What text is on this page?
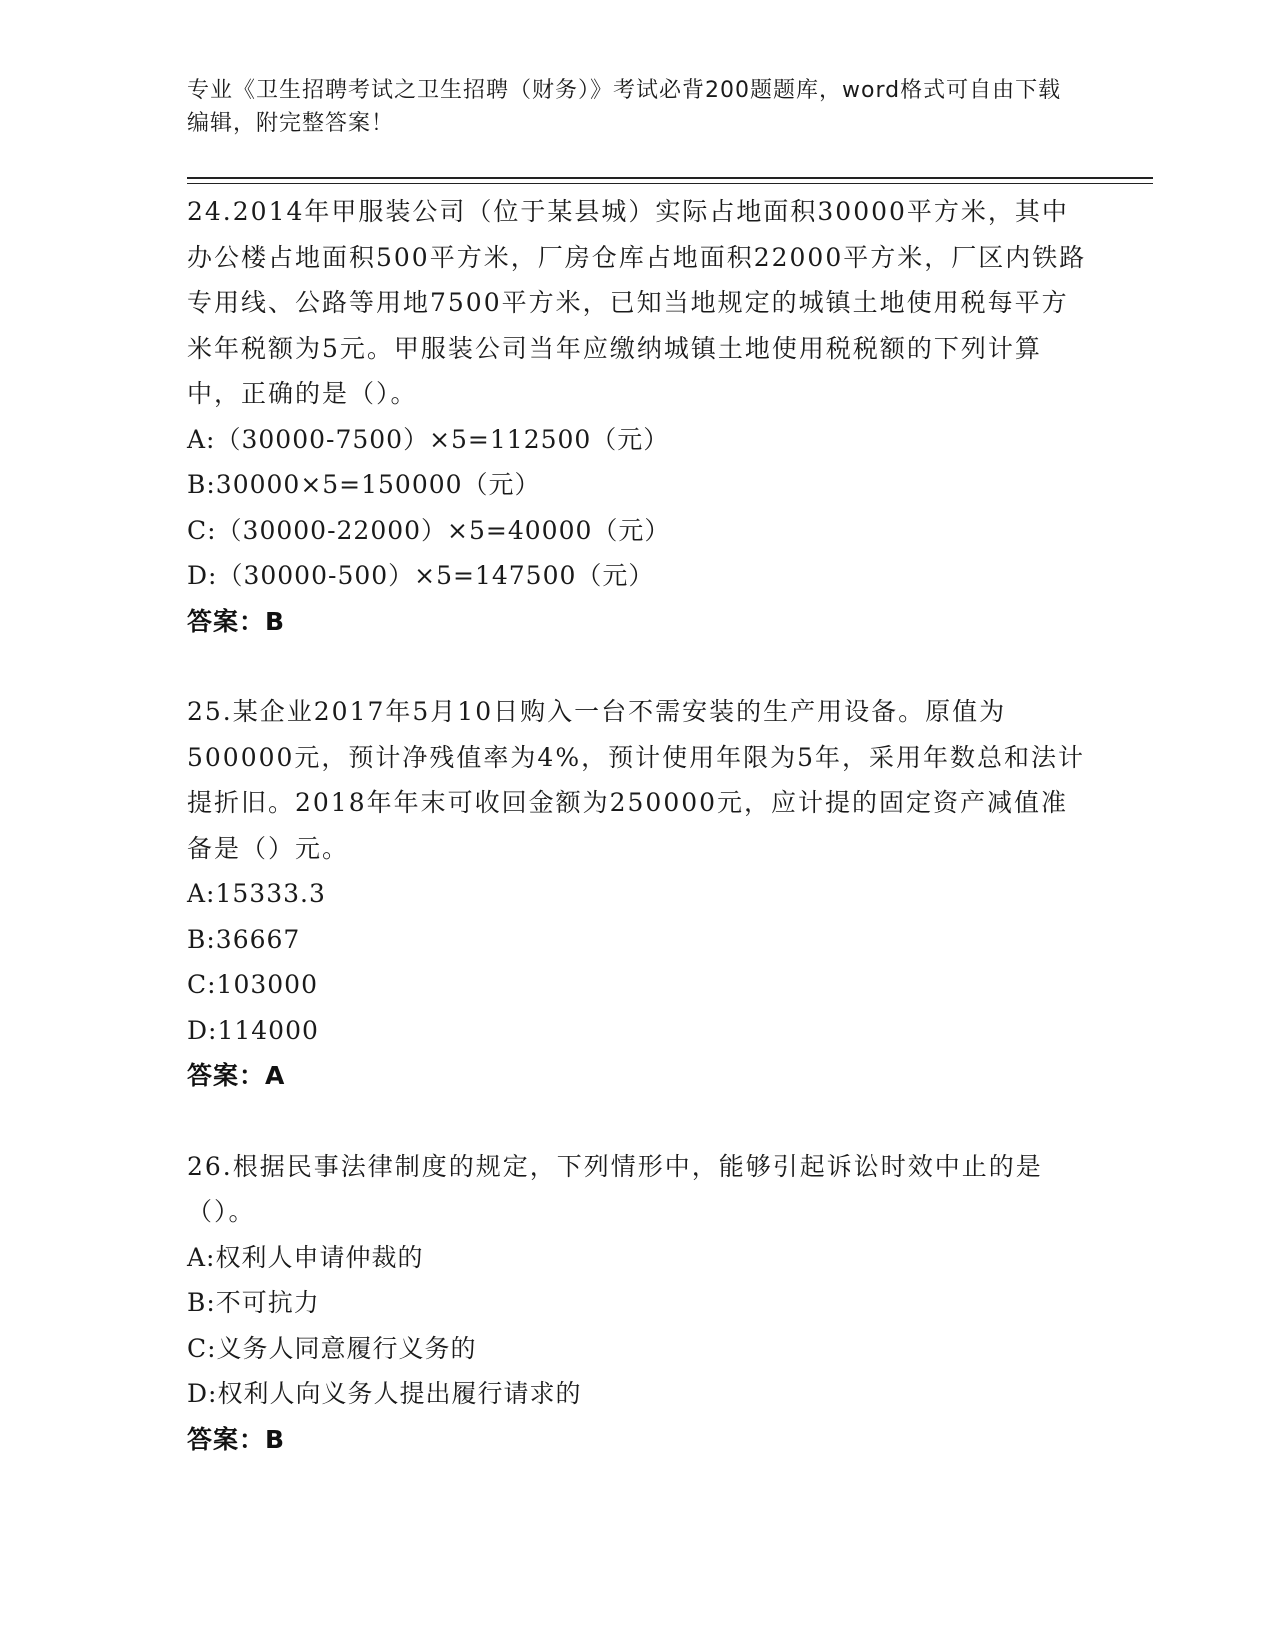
专业《卫生招聘考试之卫生招聘（财务）》考试必背200题题库，word格式可自由下载编辑，附完整答案！
24.2014年甲服装公司（位于某县城）实际占地面积30000平方米，其中办公楼占地面积500平方米，厂房仓库占地面积22000平方米，厂区内铁路专用线、公路等用地7500平方米，已知当地规定的城镇土地使用税每平方米年税额为5元。甲服装公司当年应缴纳城镇土地使用税税额的下列计算中，正确的是（）。
A:（30000-7500）×5=112500（元）
B:30000×5=150000（元）
C:（30000-22000）×5=40000（元）
D:（30000-500）×5=147500（元）
答案：B
25.某企业2017年5月10日购入一台不需安装的生产用设备。原值为500000元，预计净残值率为4%，预计使用年限为5年，采用年数总和法计提折旧。2018年年末可收回金额为250000元，应计提的固定资产减值准备是（）元。
A:15333.3
B:36667
C:103000
D:114000
答案：A
26.根据民事法律制度的规定，下列情形中，能够引起诉讼时效中止的是（）。
A:权利人申请仲裁的
B:不可抗力
C:义务人同意履行义务的
D:权利人向义务人提出履行请求的
答案：B
